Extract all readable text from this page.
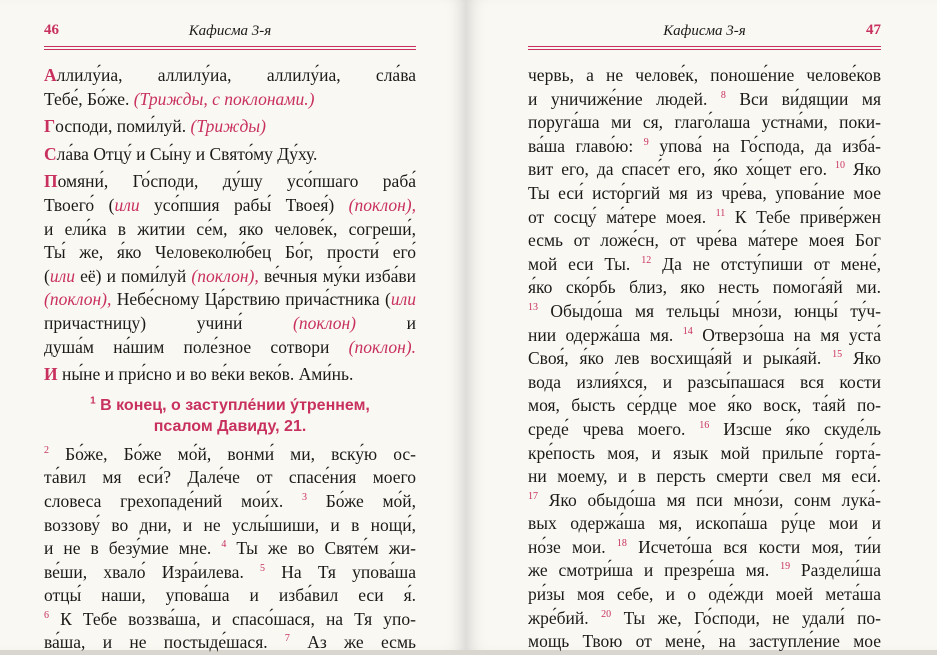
46	Кафисма 3-я
Аллилу́иа, аллилу́иа, аллилу́иа, сла́ва
Тебе́, Бо́же. (Трижды, с поклонами.)
Господи, поми́луй. (Трижды)
Сла́ва Отцу́ и Сы́ну и Свято́му Ду́ху.
Помяни́, Го́споди, ду́шу усо́пшаго раба́
Твоего́ (или усо́пшия рабы́ Твоея́) (поклон),
и ели́ка в житии се́м, яко челове́к, согреши́,
Ты́ же, я́ко Человеколю́бец Бо́г, прости́ его́
(или её) и поми́луй (поклон), ве́чныя му́ки изба́ви
(поклон), Небе́сному Ца́рствию прича́стника (или
причастницу) учини́	(поклон)	и
душа́м на́шим поле́зное сотвори (поклон).
И ны́не и при́сно и во ве́ки веко́в. Ами́нь.
$^1$ В конец, о заступле́нии у́треннем,
псалом Давиду, 21.
$^2$ Бо́же, Бо́же мо́й, вонми́ ми, вску́ю ос-
та́вил мя еси́? Дале́че от спасе́ния моего
словеса грехопаде́ний мои́х. $^3$ Бо́же мо́й,
воззову́ во дни, и не услы́шиши, и в нощи́,
и не в безу́мие мне. $^4$ Ты же во Святе́м жи-
ве́ши, хвало́ Изра́илева. $^5$ На Тя упова́ша
отцы́ наши, упова́ша и изба́вил еси я́.
$^6$ К Тебе воззва́ша, и спасо́шася, на Тя упо-
ва́ша, и не постыде́шася. $^7$ Аз же есмь
Кафисма 3-я	47
червь, а не челове́к, поноше́ние челове́ков
и уничиже́ние людей. $^8$ Вси ви́дящии мя
поруга́ша ми ся, глаго́лаша устна́ми, поки-
ва́ша главо́ю: $^9$ упова́ на Го́спода, да изба́-
вит его, да спасе́т его, я́ко хо́щет его. $^{10}$ Яко
Ты еси́ исто́ргий мя из чре́ва, упова́ние мое
от сосцу́ ма́тере моея. $^{11}$ К Тебе приве́ржен
есмь от ложе́сн, от чре́ва ма́тере моея Бог
мой еси Ты. $^{12}$ Да не отсту́пиши от мене́,
я́ко ско́рбь близ, яко несть помога́яй ми.
$^{13}$ Обыдо́ша мя тельцы́ мно́зи, юнцы́ ту́ч-
нии одержа́ша мя. $^{14}$ Отверзо́ша на мя уста́
Своя́, я́ко лев восхища́яй и рыка́яй. $^{15}$ Яко
вода излия́хся, и разсы́пашася вся кости
моя, бысть се́рдце мое я́ко воск, та́яй по-
среде́ чрева моего. $^{16}$ Изсше я́ко скуде́ль
кре́пость моя, и язык мой прильпе́ горта́-
ни моему, и в персть смерти свел мя еси́.
$^{17}$ Яко обыдо́ша мя пси мно́зи, сонм лука́-
вых одержа́ша мя, ископа́ша ру́це мои и
но́зе мои. $^{18}$ Исчето́ша вся кости моя, ти́и
же смотри́ша и презре́ша мя. $^{19}$ Раздели́ша
ри́зы моя себе, и о оде́жди моей мета́ша
жре́бий. $^{20}$ Ты же, Го́споди, не удали́ по-
мощь Твою от мене́, на заступле́ние мое
